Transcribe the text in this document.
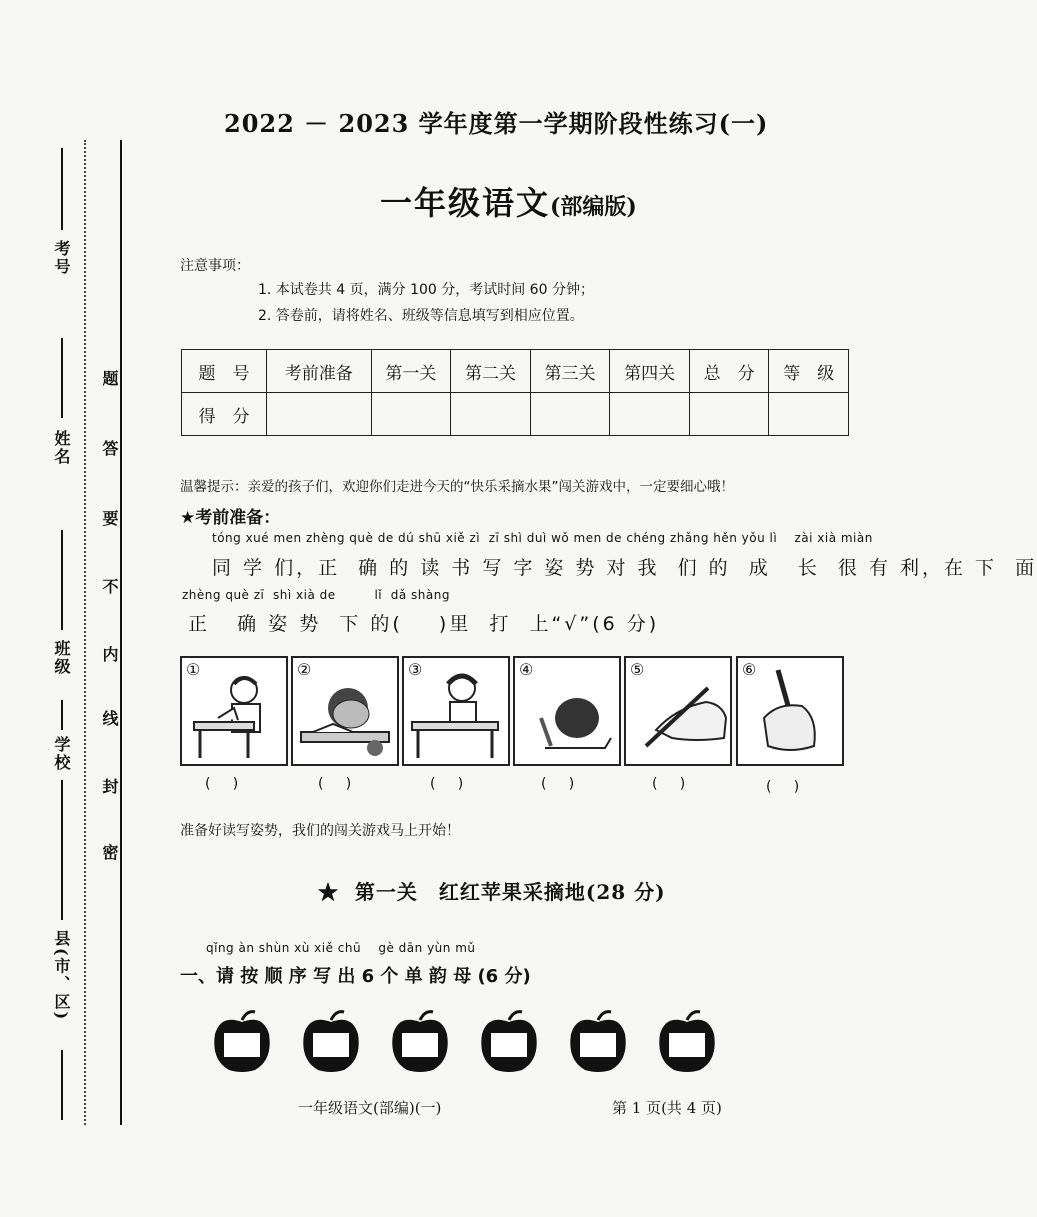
考号
姓名
班级
学校
县(市、区)
题
答
要
不
内
线
封
密
2022 － 2023 学年度第一学期阶段性练习(一)
一年级语文(部编版)
注意事项：
1. 本试卷共 4 页，满分 100 分，考试时间 60 分钟；
2. 答卷前，请将姓名、班级等信息填写到相应位置。
题　号	考前准备	第一关	第二关	第三关	第四关	总　分	等　级
得　分							
温馨提示：亲爱的孩子们，欢迎你们走进今天的“快乐采摘水果”闯关游戏中，一定要细心哦！
★考前准备：
tóng xué men zhèng què de dú shū xiě zì  zī shì duì wǒ men de chéng zhǎng hěn yǒu lì    zài xià miàn
同 学 们，正  确 的 读 书 写 字 姿 势 对 我  们 的  成   长  很 有 利，在 下  面
zhèng què zī  shì xià de         lǐ  dǎ shàng
正   确 姿 势  下 的(    )里  打  上“√”(6 分)
①	②	③	④	⑤	⑥
(     )	(     )	(     )	(     )	(     )	(     )
准备好读写姿势，我们的闯关游戏马上开始！
★  第一关　红红苹果采摘地(28 分)
qǐng àn shùn xù xiě chū    gè dān yùn mǔ
一、请 按 顺 序 写 出 6 个 单 韵 母 (6 分)
一年级语文(部编)(一)	第 1 页(共 4 页)
